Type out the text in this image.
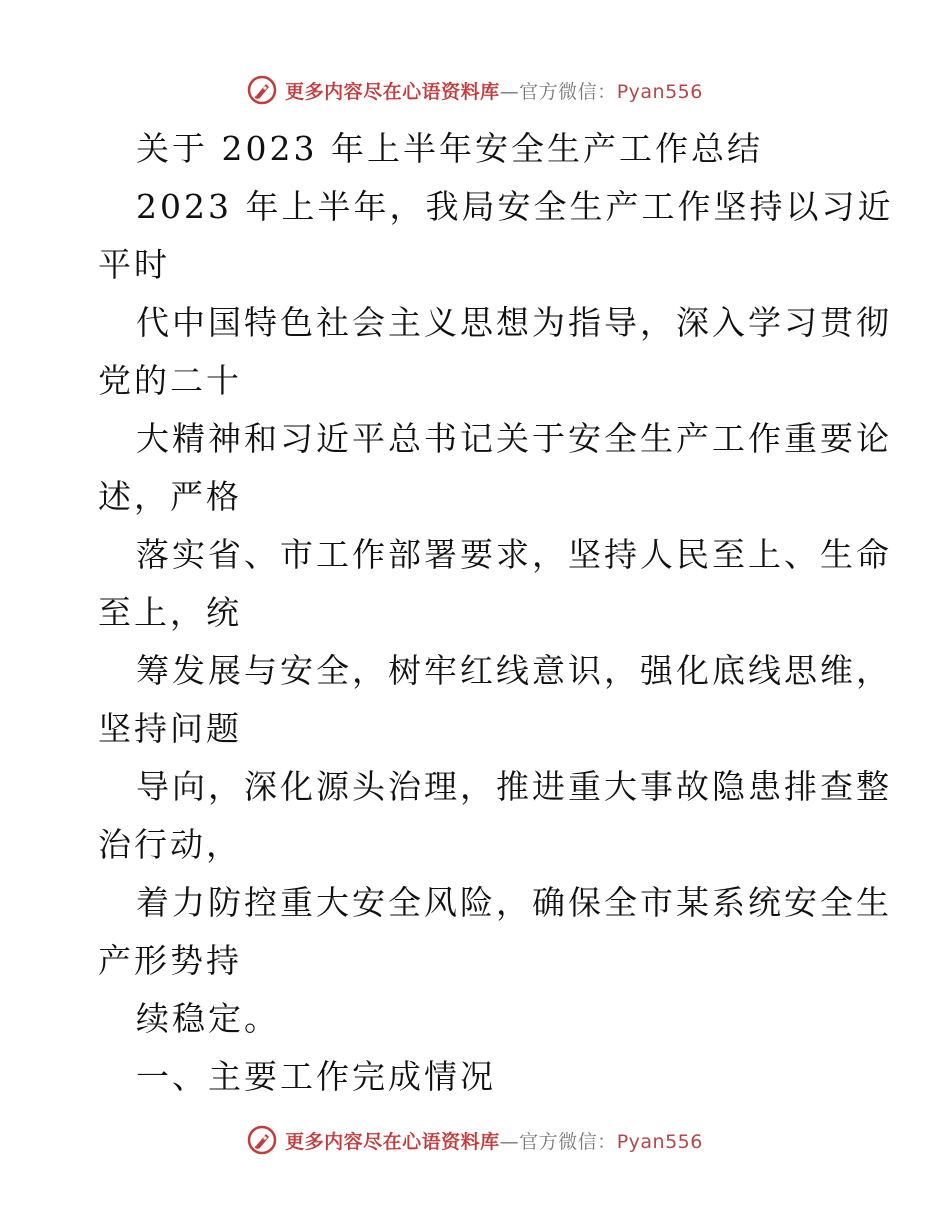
更多内容尽在心语资料库—官方微信：Pyan556
关于 2023 年上半年安全生产工作总结
2023 年上半年，我局安全生产工作坚持以习近
平时
代中国特色社会主义思想为指导，深入学习贯彻
党的二十
大精神和习近平总书记关于安全生产工作重要论
述，严格
落实省、市工作部署要求，坚持人民至上、生命
至上，统
筹发展与安全，树牢红线意识，强化底线思维，
坚持问题
导向，深化源头治理，推进重大事故隐患排查整
治行动，
着力防控重大安全风险，确保全市某系统安全生
产形势持
续稳定。
一、主要工作完成情况
更多内容尽在心语资料库—官方微信：Pyan556
